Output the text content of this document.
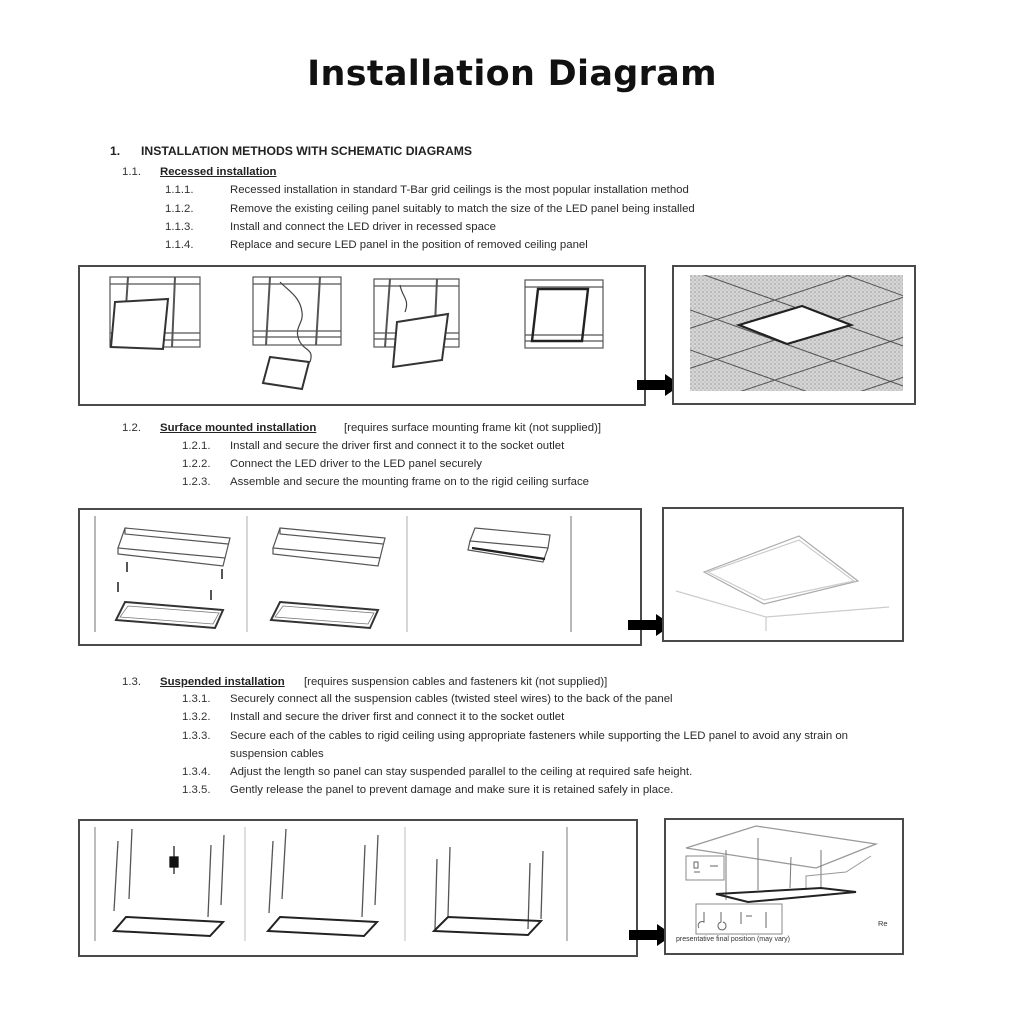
Installation Diagram
1. INSTALLATION METHODS WITH SCHEMATIC DIAGRAMS
1.1. Recessed installation
1.1.1.	Recessed installation in standard T-Bar grid ceilings is the most popular installation method
1.1.2.	Remove the existing ceiling panel suitably to match the size of the LED panel being installed
1.1.3.	Install and connect the LED driver in recessed space
1.1.4.	Replace and secure LED panel in the position of removed ceiling panel
1.2. Surface mounted installation [requires surface mounting frame kit (not supplied)]
1.2.1. Install and secure the driver first and connect it to the socket outlet
1.2.2. Connect the LED driver to the LED panel securely
1.2.3. Assemble and secure the mounting frame on to the rigid ceiling surface
1.3. Suspended installation [requires suspension cables and fasteners kit (not supplied)]
1.3.1. Securely connect all the suspension cables (twisted steel wires) to the back of the panel
1.3.2. Install and secure the driver first and connect it to the socket outlet
1.3.3. Secure each of the cables to rigid ceiling using appropriate fasteners while supporting the LED panel to avoid any strain on
suspension cables
1.3.4. Adjust the length so panel can stay suspended parallel to the ceiling at required safe height.
1.3.5. Gently release the panel to prevent damage and make sure it is retained safely in place.
Re
presentative final position (may vary)
